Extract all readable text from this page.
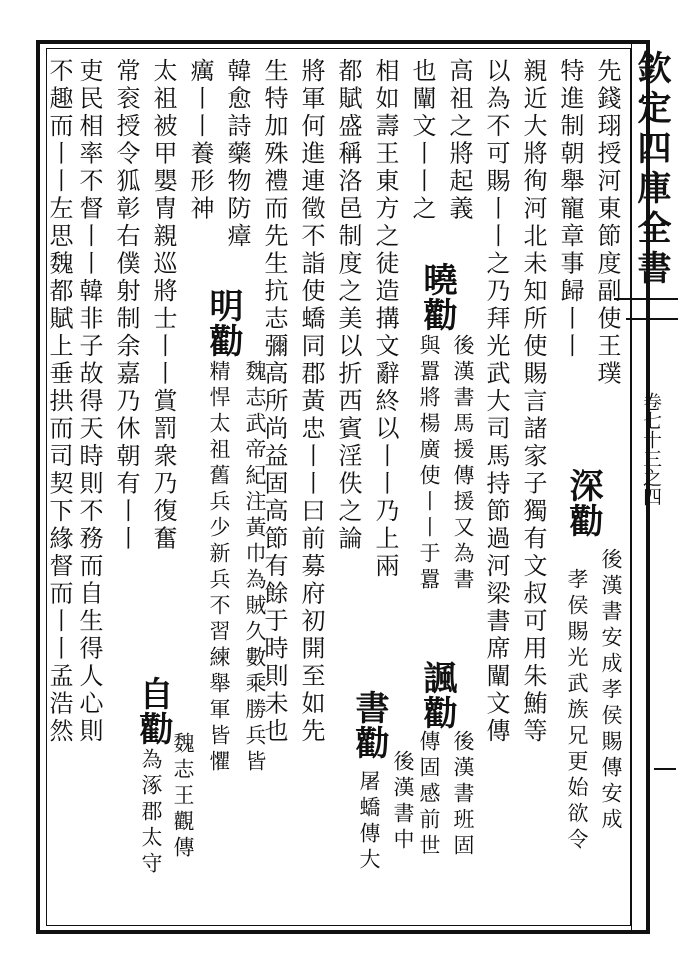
欽定四庫全書
卷七十三之四
先錢珝授河東節度副使王璞
特進制朝舉寵章事歸丨丨
深勸
後漢書安成孝侯賜傳安成
孝侯賜光武族兄更始欲令
親近大將徇河北未知所使賜言諸家子獨有文叔可用朱鮪等
以為不可賜丨丨之乃拜光武大司馬持節過河梁書席闡文傳
高祖之將起義
也闡文丨丨之
曉勸
後漢書馬援傳援又為書
與囂將楊廣使丨丨于囂
諷勸
後漢書班固
傳固感前世
相如壽王東方之徒造搆文辭終以丨丨乃上兩
都賦盛稱洛邑制度之美以折西賓淫佚之論
書勸
後漢書中
屠蟜傳大
將軍何進連徵不詣使蟜同郡黃忠丨丨曰前募府初開至如先
生特加殊禮而先生抗志彌高所尚益固高節有餘于時則未也
韓愈詩藥物防瘴
癘丨丨養形神
明勸
魏志武帝紀注黃巾為賊久數乘勝兵皆
精悍太祖舊兵少新兵不習練舉軍皆懼
太祖被甲嬰冑親巡將士丨丨賞罰衆乃復奮
常衮授令狐彰右僕射制余嘉乃休朝有丨丨
自勸
魏志王觀傳
為涿郡太守
吏民相率不督丨丨韓非子故得天時則不務而自生得人心則
不趣而丨丨左思魏都賦上垂拱而司契下緣督而丨丨孟浩然
